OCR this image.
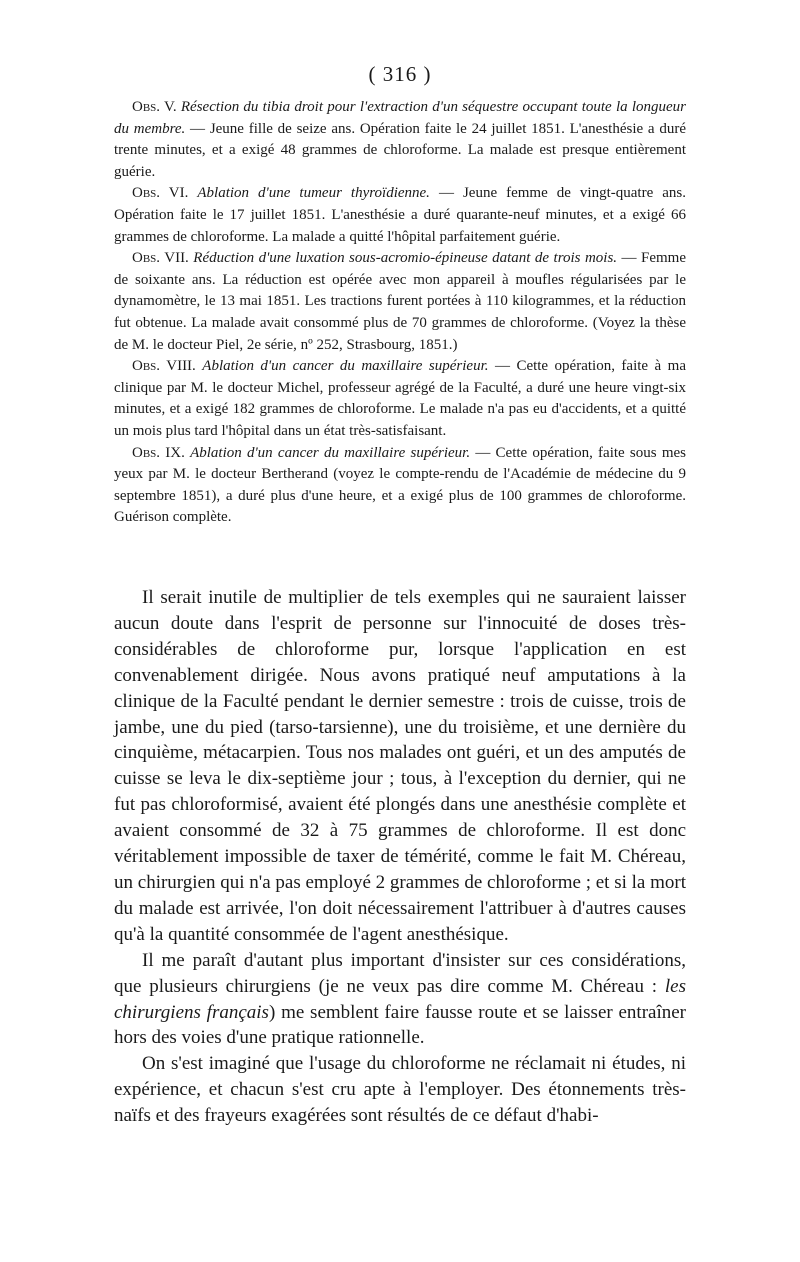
( 316 )

Obs. V. Résection du tibia droit pour l'extraction d'un séquestre occupant toute la longueur du membre. — Jeune fille de seize ans. Opération faite le 24 juillet 1851. L'anesthésie a duré trente minutes, et a exigé 48 grammes de chloroforme. La malade est presque entièrement guérie.

Obs. VI. Ablation d'une tumeur thyroïdienne. — Jeune femme de vingt-quatre ans. Opération faite le 17 juillet 1851. L'anesthésie a duré quarante-neuf minutes, et a exigé 66 grammes de chloroforme. La malade a quitté l'hôpital parfaitement guérie.

Obs. VII. Réduction d'une luxation sous-acromio-épineuse datant de trois mois. — Femme de soixante ans. La réduction est opérée avec mon appareil à moufles régularisées par le dynamomètre, le 13 mai 1851. Les tractions furent portées à 110 kilogrammes, et la réduction fut obtenue. La malade avait consommé plus de 70 grammes de chloroforme. (Voyez la thèse de M. le docteur Piel, 2e série, nº 252, Strasbourg, 1851.)

Obs. VIII. Ablation d'un cancer du maxillaire supérieur. — Cette opération, faite à ma clinique par M. le docteur Michel, professeur agrégé de la Faculté, a duré une heure vingt-six minutes, et a exigé 182 grammes de chloroforme. Le malade n'a pas eu d'accidents, et a quitté un mois plus tard l'hôpital dans un état très-satisfaisant.

Obs. IX. Ablation d'un cancer du maxillaire supérieur. — Cette opération, faite sous mes yeux par M. le docteur Bertherand (voyez le compte-rendu de l'Académie de médecine du 9 septembre 1851), a duré plus d'une heure, et a exigé plus de 100 grammes de chloroforme. Guérison complète.

Il serait inutile de multiplier de tels exemples qui ne sauraient laisser aucun doute dans l'esprit de personne sur l'innocuité de doses très-considérables de chloroforme pur, lorsque l'application en est convenablement dirigée. Nous avons pratiqué neuf amputations à la clinique de la Faculté pendant le dernier semestre : trois de cuisse, trois de jambe, une du pied (tarso-tarsienne), une du troisième, et une dernière du cinquième, métacarpien. Tous nos malades ont guéri, et un des amputés de cuisse se leva le dix-septième jour ; tous, à l'exception du dernier, qui ne fut pas chloroformisé, avaient été plongés dans une anesthésie complète et avaient consommé de 32 à 75 grammes de chloroforme. Il est donc véritablement impossible de taxer de témérité, comme le fait M. Chéreau, un chirurgien qui n'a pas employé 2 grammes de chloroforme ; et si la mort du malade est arrivée, l'on doit nécessairement l'attribuer à d'autres causes qu'à la quantité consommée de l'agent anesthésique.

Il me paraît d'autant plus important d'insister sur ces considérations, que plusieurs chirurgiens (je ne veux pas dire comme M. Chéreau : les chirurgiens français) me semblent faire fausse route et se laisser entraîner hors des voies d'une pratique rationnelle.

On s'est imaginé que l'usage du chloroforme ne réclamait ni études, ni expérience, et chacun s'est cru apte à l'employer. Des étonnements très-naïfs et des frayeurs exagérées sont résultés de ce défaut d'habi-
